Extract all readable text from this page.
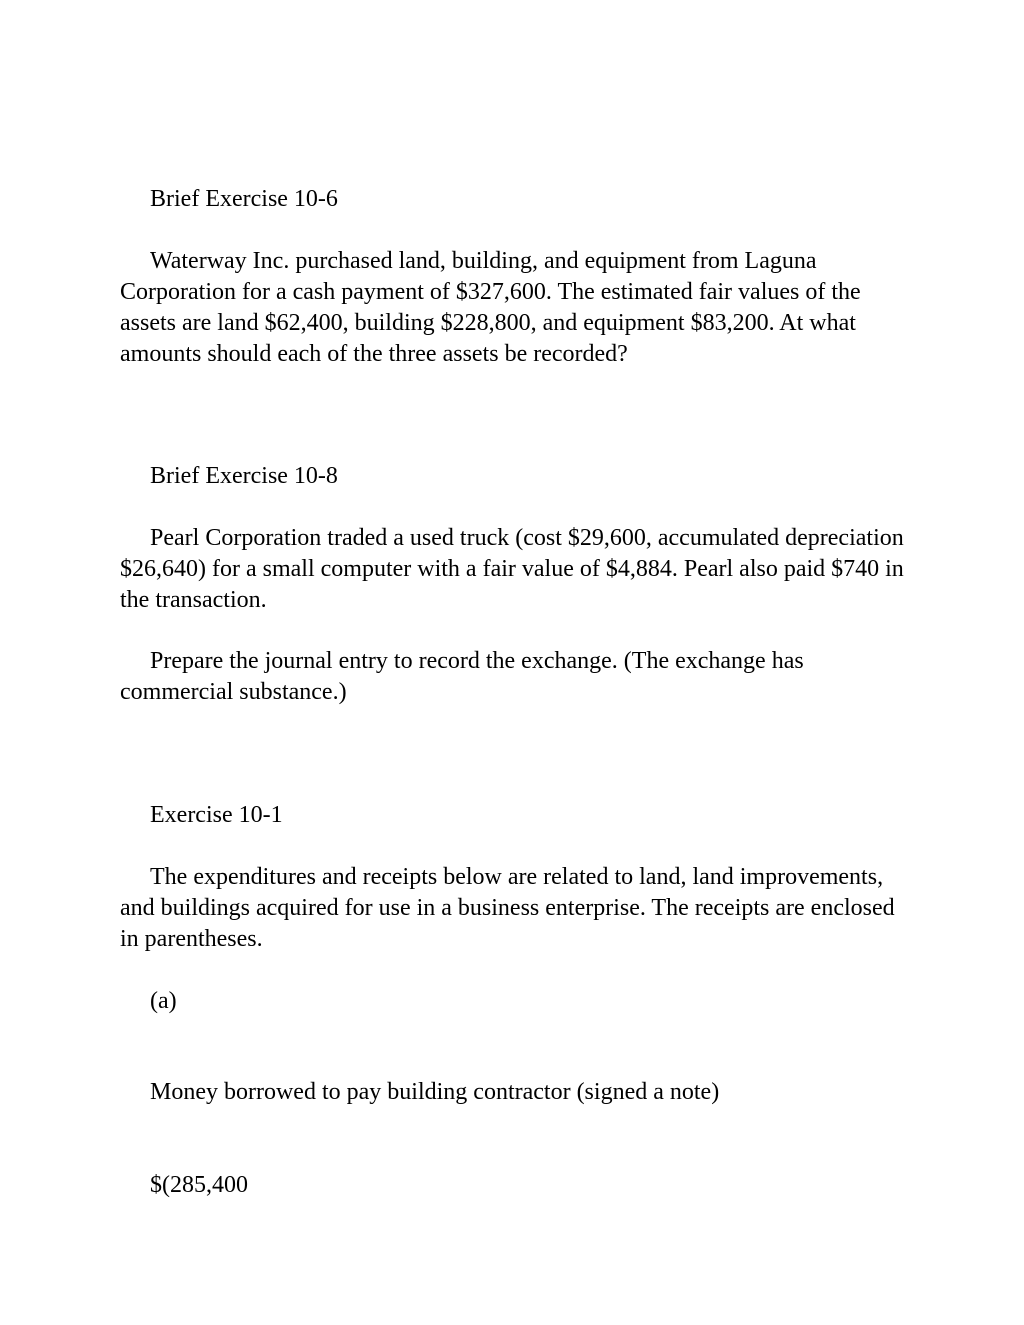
Brief Exercise 10-6

Waterway Inc. purchased land, building, and equipment from Laguna Corporation for a cash payment of $327,600. The estimated fair values of the assets are land $62,400, building $228,800, and equipment $83,200. At what amounts should each of the three assets be recorded?

Brief Exercise 10-8

Pearl Corporation traded a used truck (cost $29,600, accumulated depreciation $26,640) for a small computer with a fair value of $4,884. Pearl also paid $740 in the transaction.

Prepare the journal entry to record the exchange. (The exchange has commercial substance.)

Exercise 10-1

The expenditures and receipts below are related to land, land improvements, and buildings acquired for use in a business enterprise. The receipts are enclosed in parentheses.

(a)

Money borrowed to pay building contractor (signed a note)

$(285,400
